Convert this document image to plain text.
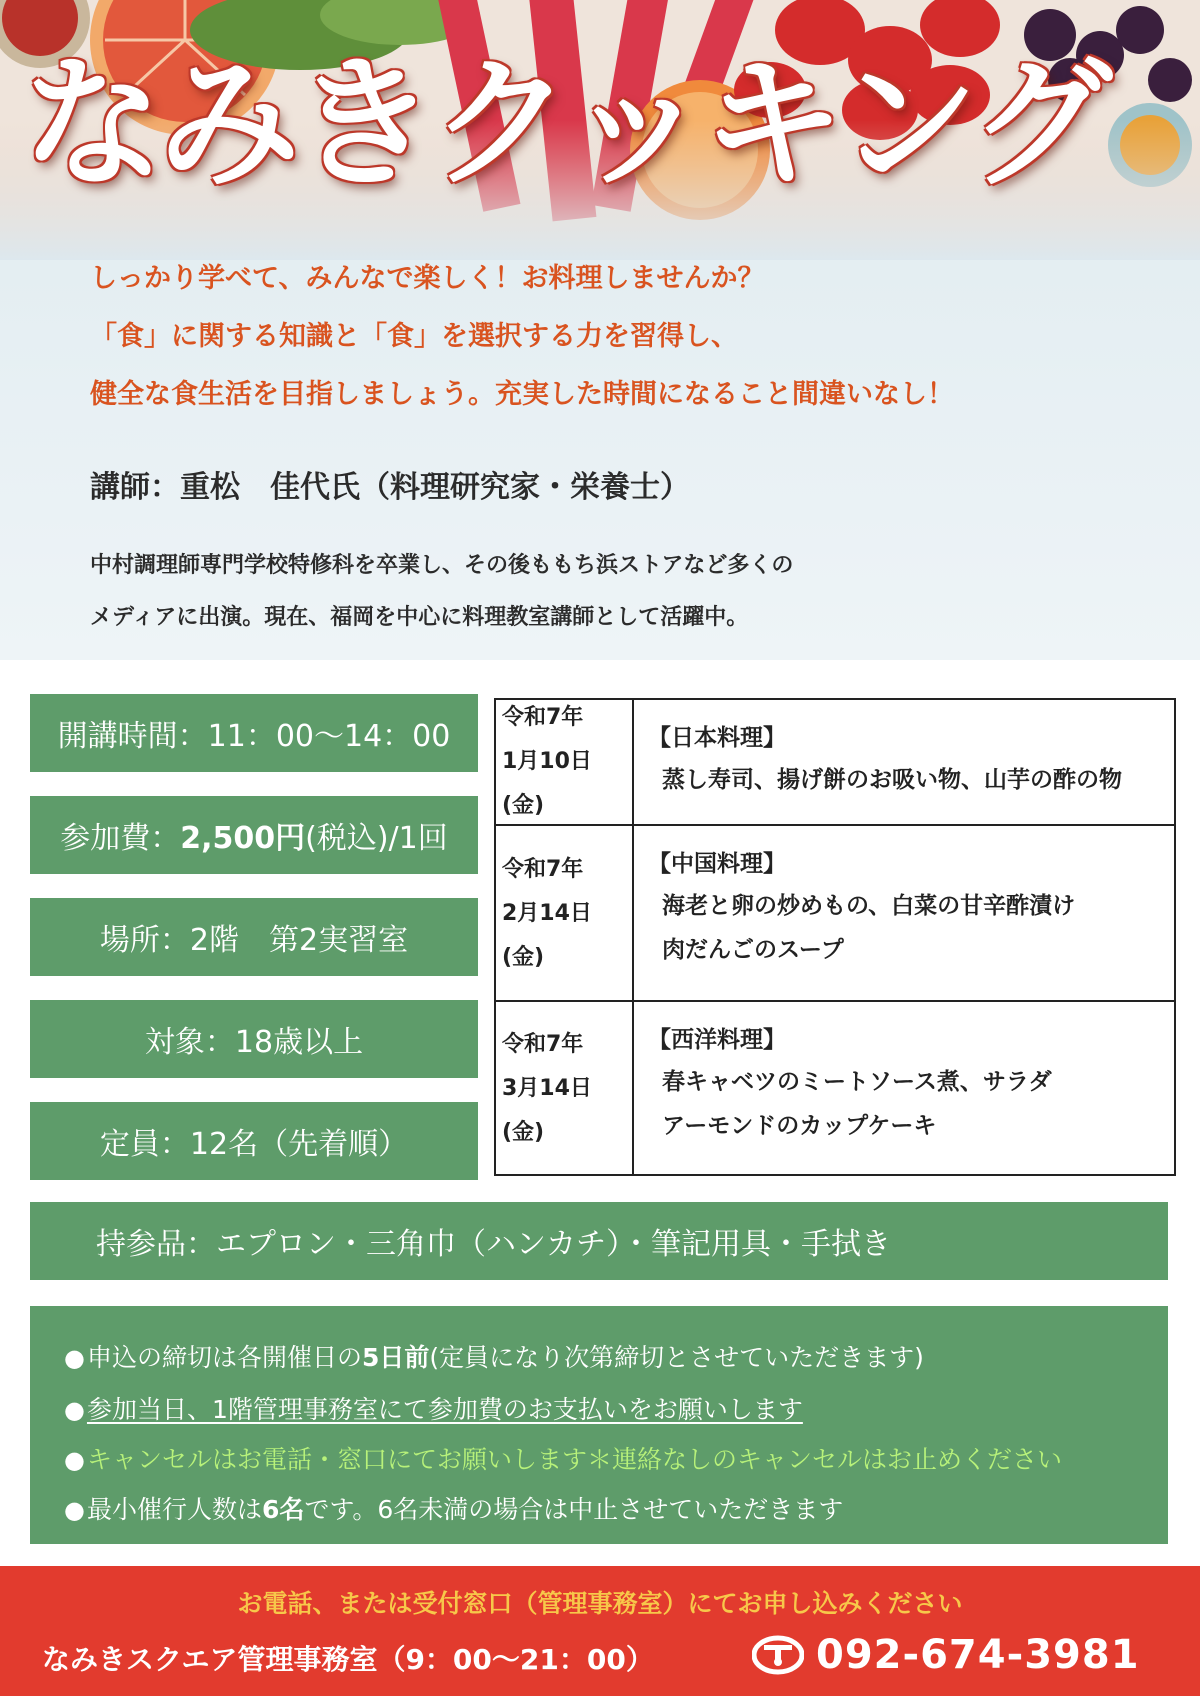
なみきクッキング
しっかり学べて、みんなで楽しく！お料理しませんか？
「食」に関する知識と「食」を選択する力を習得し、
健全な食生活を目指しましょう。充実した時間になること間違いなし！
講師：重松　佳代氏（料理研究家・栄養士）
中村調理師専門学校特修科を卒業し、その後ももち浜ストアなど多くの
メディアに出演。現在、福岡を中心に料理教室講師として活躍中。
開講時間：11：00〜14：00
参加費： 2,500円 (税込)/1回
場所：2階　第2実習室
対象：18歳以上
定員：12名（先着順）
令和7年
1月10日(金)
【日本料理】
蒸し寿司、揚げ餅のお吸い物、山芋の酢の物
令和7年
2月14日(金)
【中国料理】
海老と卵の炒めもの、白菜の甘辛酢漬け
肉だんごのスープ
令和7年
3月14日(金)
【西洋料理】
春キャベツのミートソース煮、サラダ
アーモンドのカップケーキ
持参品：エプロン・三角巾（ハンカチ）・筆記用具・手拭き
●申込の締切は各開催日の5日前(定員になり次第締切とさせていただきます)
●参加当日、1階管理事務室にて参加費のお支払いをお願いします
●キャンセルはお電話・窓口にてお願いします＊連絡なしのキャンセルはお止めください
●最小催行人数は6名です。6名未満の場合は中止させていただきます
お電話、または受付窓口（管理事務室）にてお申し込みください
なみきスクエア管理事務室（9：00〜21：00）	092-674-3981
